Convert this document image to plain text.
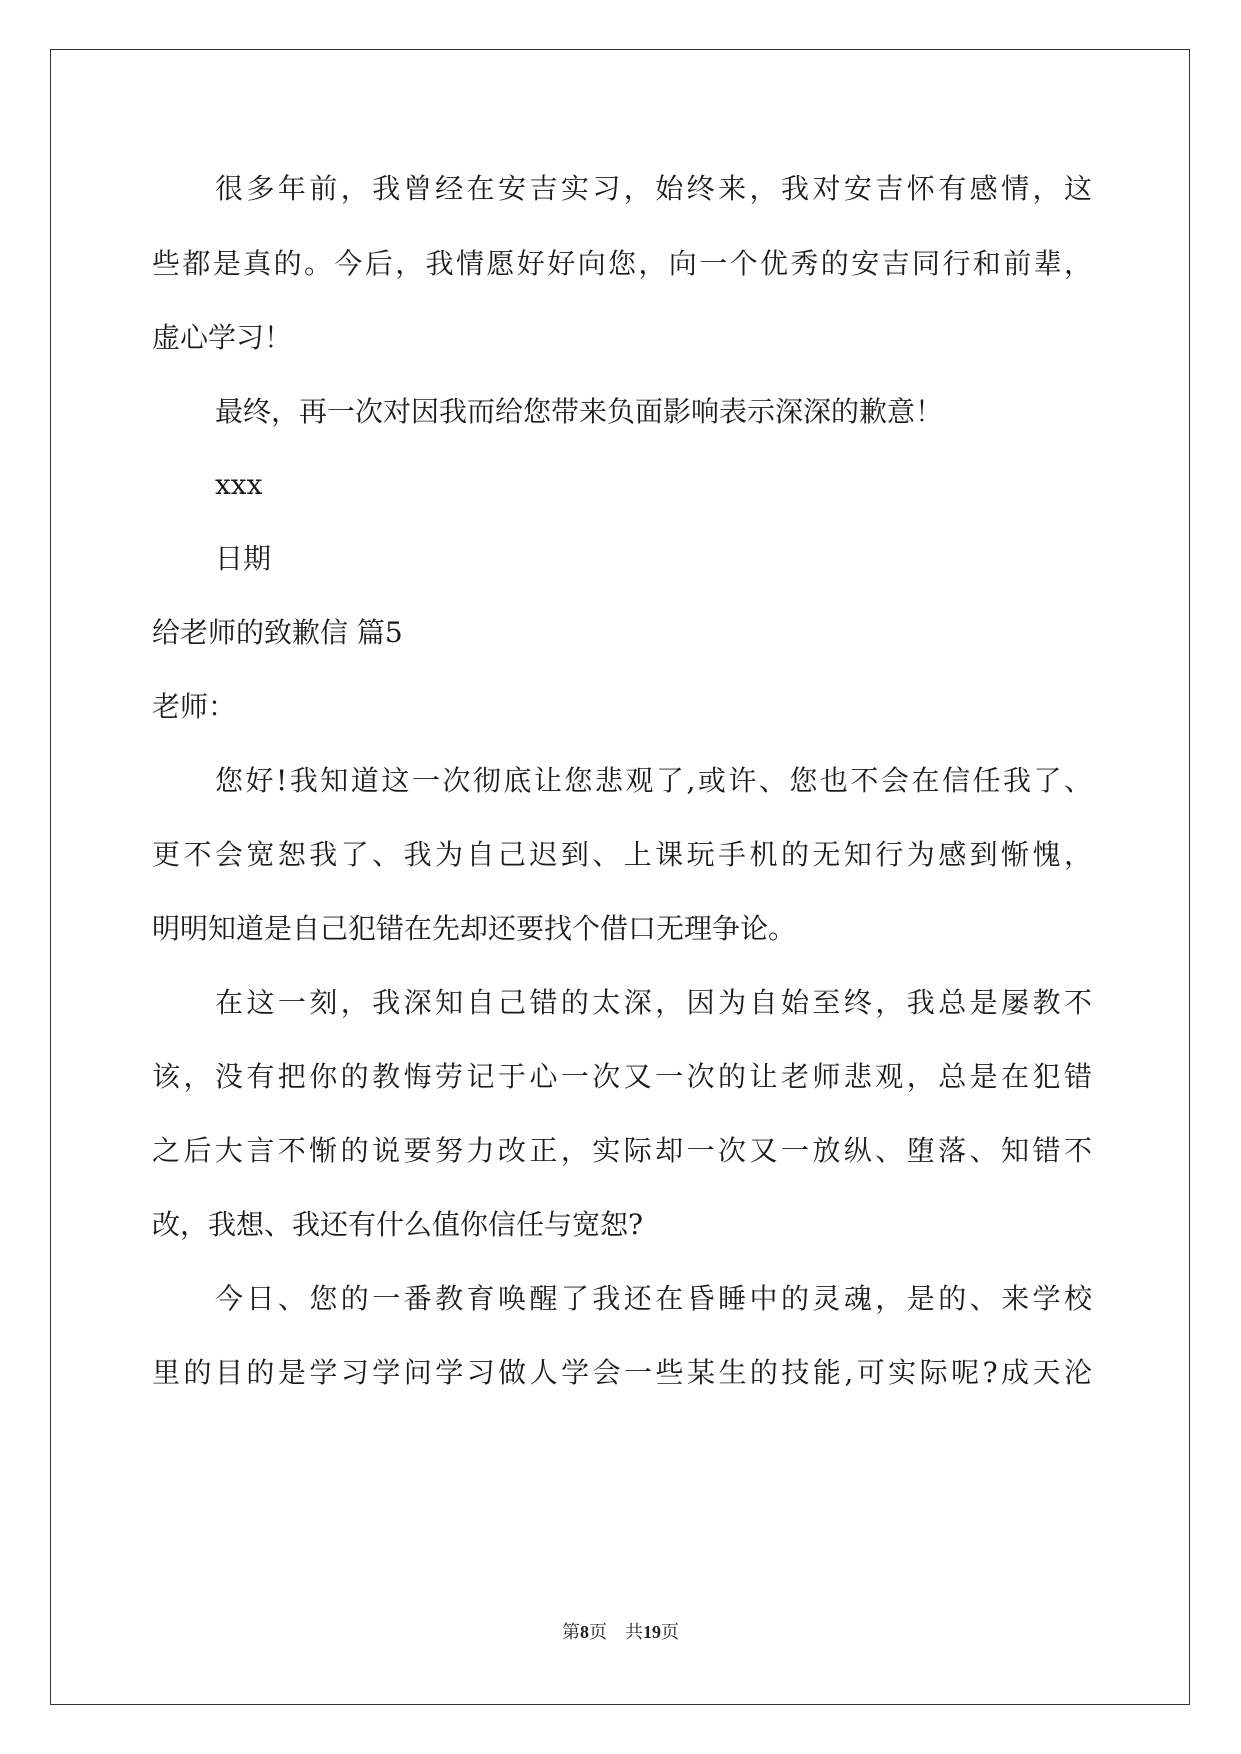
很多年前，我曾经在安吉实习，始终来，我对安吉怀有感情，这
些都是真的。今后，我情愿好好向您，向一个优秀的安吉同行和前辈，
虚心学习！
最终，再一次对因我而给您带来负面影响表示深深的歉意！
xxx
日期
给老师的致歉信 篇5
老师：
您好!我知道这一次彻底让您悲观了,或许、您也不会在信任我了、
更不会宽恕我了、我为自己迟到、上课玩手机的无知行为感到惭愧，
明明知道是自己犯错在先却还要找个借口无理争论。
在这一刻，我深知自己错的太深，因为自始至终，我总是屡教不
该，没有把你的教悔劳记于心一次又一次的让老师悲观，总是在犯错
之后大言不惭的说要努力改正，实际却一次又一放纵、堕落、知错不
改，我想、我还有什么值你信任与宽恕?
今日、您的一番教育唤醒了我还在昏睡中的灵魂，是的、来学校
里的目的是学习学问学习做人学会一些某生的技能,可实际呢?成天沦
第8页　共19页
